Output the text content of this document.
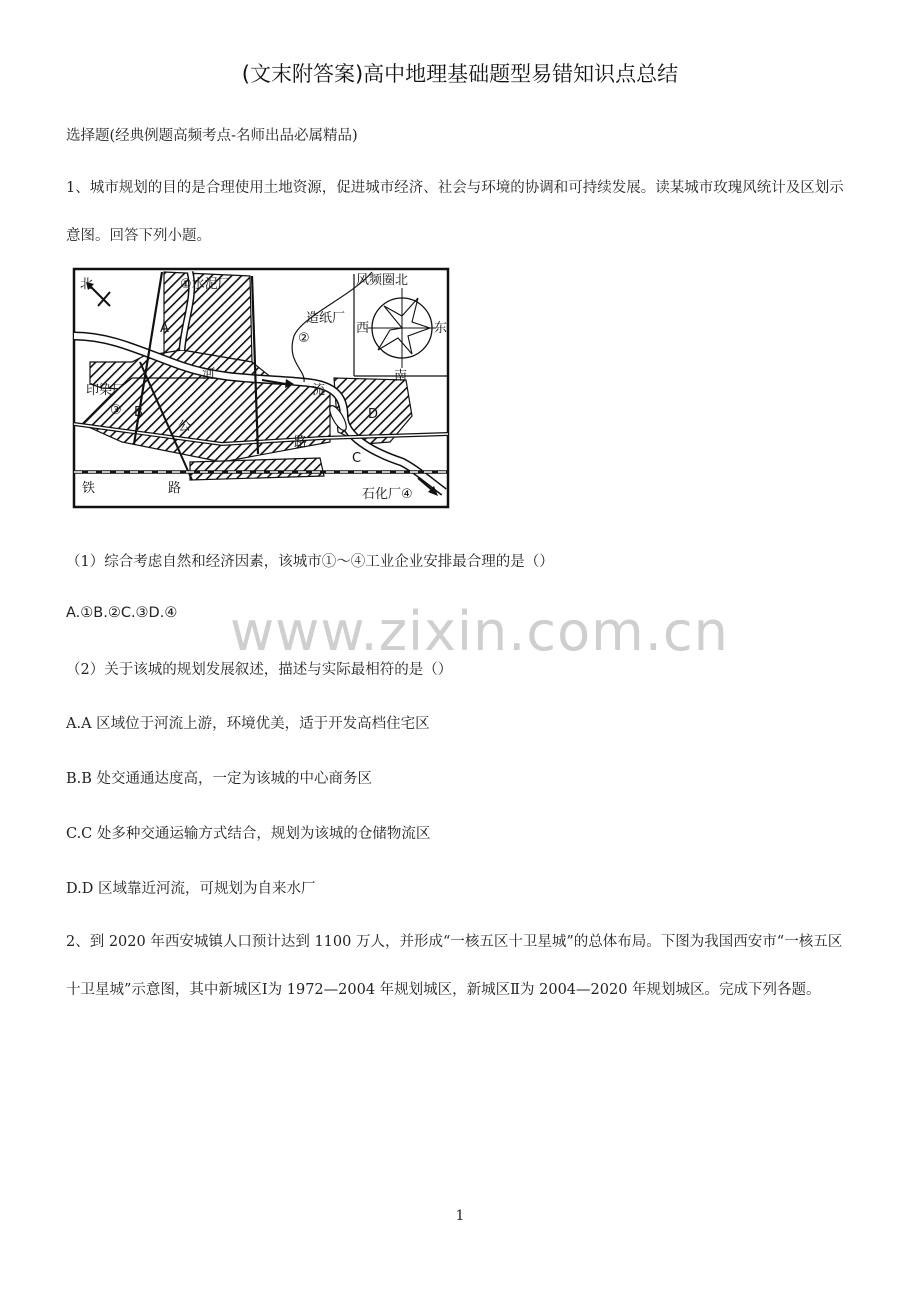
(文末附答案)高中地理基础题型易错知识点总结
选择题(经典例题高频考点-名师出品必属精品)
1、城市规划的目的是合理使用土地资源，促进城市经济、社会与环境的协调和可持续发展。读某城市玫瑰风统计及区划示意图。回答下列小题。
北	风频圈北
西	东
南
①水泥厂
造纸厂
②
印染厂
③
石化厂④
河
流
公
路
铁	路
A
B
C
D
（1）综合考虑自然和经济因素，该城市①～④工业企业安排最合理的是（）
A.①B.②C.③D.④ www.zixin.com.cn
（2）关于该城的规划发展叙述，描述与实际最相符的是（）
A.A 区域位于河流上游，环境优美，适于开发高档住宅区
B.B 处交通通达度高，一定为该城的中心商务区
C.C 处多种交通运输方式结合，规划为该城的仓储物流区
D.D 区域靠近河流，可规划为自来水厂
2、到 2020 年西安城镇人口预计达到 1100 万人，并形成“一核五区十卫星城”的总体布局。下图为我国西安市“一核五区十卫星城”示意图，其中新城区Ⅰ为 1972—2004 年规划城区，新城区Ⅱ为 2004—2020 年规划城区。完成下列各题。
1
